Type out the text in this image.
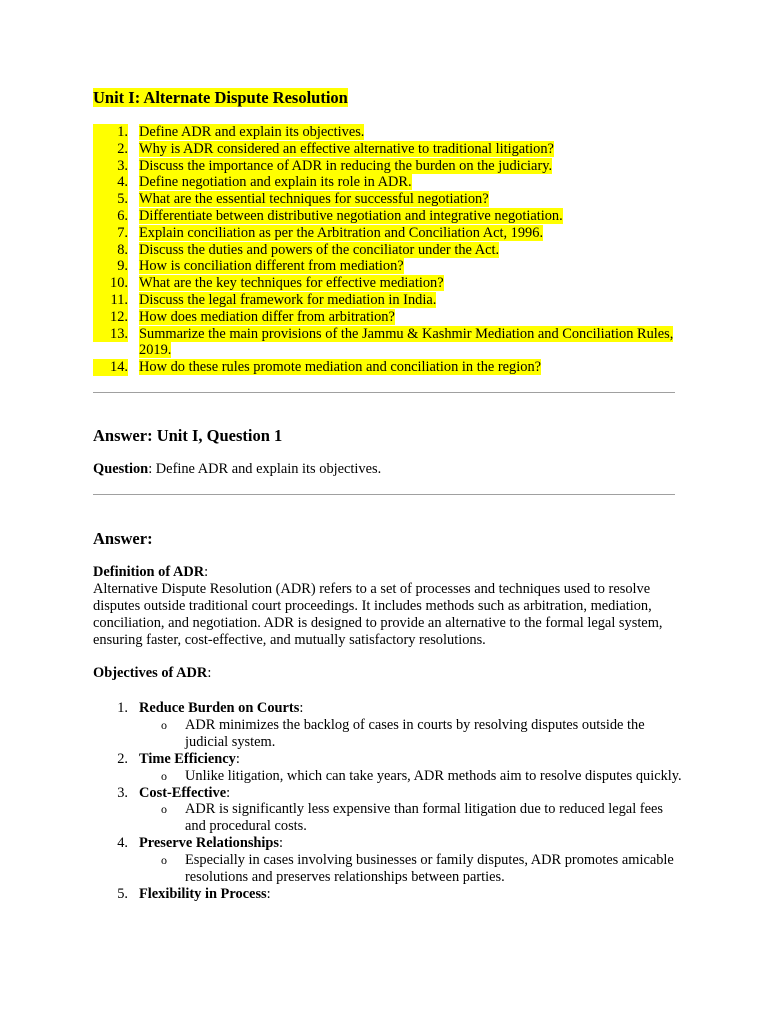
Unit I: Alternate Dispute Resolution

1. Define ADR and explain its objectives.
2. Why is ADR considered an effective alternative to traditional litigation?
3. Discuss the importance of ADR in reducing the burden on the judiciary.
4. Define negotiation and explain its role in ADR.
5. What are the essential techniques for successful negotiation?
6. Differentiate between distributive negotiation and integrative negotiation.
7. Explain conciliation as per the Arbitration and Conciliation Act, 1996.
8. Discuss the duties and powers of the conciliator under the Act.
9. How is conciliation different from mediation?
10. What are the key techniques for effective mediation?
11. Discuss the legal framework for mediation in India.
12. How does mediation differ from arbitration?
13. Summarize the main provisions of the Jammu & Kashmir Mediation and Conciliation Rules, 2019.
14. How do these rules promote mediation and conciliation in the region?

Answer: Unit I, Question 1

Question: Define ADR and explain its objectives.

Answer:

Definition of ADR:
Alternative Dispute Resolution (ADR) refers to a set of processes and techniques used to resolve disputes outside traditional court proceedings. It includes methods such as arbitration, mediation, conciliation, and negotiation. ADR is designed to provide an alternative to the formal legal system, ensuring faster, cost-effective, and mutually satisfactory resolutions.

Objectives of ADR:

1. Reduce Burden on Courts:
o ADR minimizes the backlog of cases in courts by resolving disputes outside the judicial system.
2. Time Efficiency:
o Unlike litigation, which can take years, ADR methods aim to resolve disputes quickly.
3. Cost-Effective:
o ADR is significantly less expensive than formal litigation due to reduced legal fees and procedural costs.
4. Preserve Relationships:
o Especially in cases involving businesses or family disputes, ADR promotes amicable resolutions and preserves relationships between parties.
5. Flexibility in Process:
